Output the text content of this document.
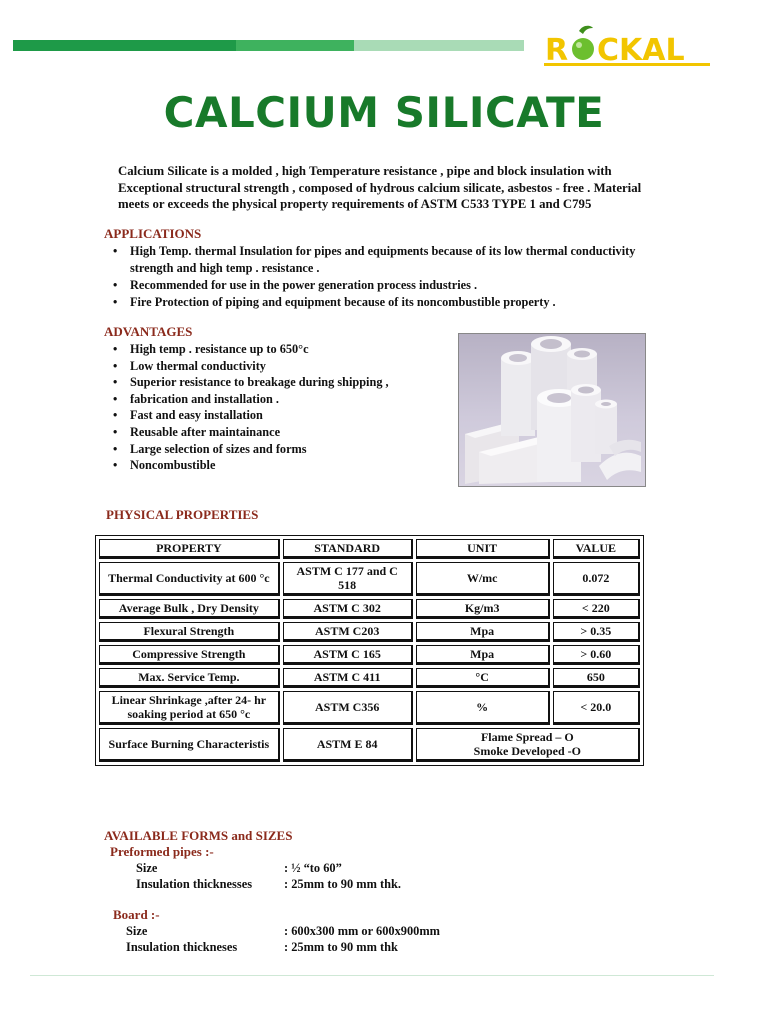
R CKAL
CALCIUM SILICATE
Calcium Silicate is a molded , high Temperature resistance , pipe and block insulation with
Exceptional structural strength , composed of hydrous calcium silicate, asbestos - free . Material
meets or exceeds the physical property requirements of ASTM C533 TYPE 1 and C795
APPLICATIONS
• High Temp. thermal Insulation for pipes and equipments because of its low thermal conductivity
strength and high temp . resistance .
• Recommended for use in the power generation process industries .
• Fire Protection of piping and equipment because of its noncombustible property .
ADVANTAGES
• High temp . resistance up to 650°c
• Low thermal conductivity
• Superior resistance to breakage during shipping ,
• fabrication and installation .
• Fast and easy installation
• Reusable after maintainance
• Large selection of sizes and forms
• Noncombustible
PHYSICAL PROPERTIES
PROPERTY	STANDARD	UNIT	VALUE
Thermal Conductivity at 600 °c	ASTM C 177 and C 518	W/mc	0.072
Average Bulk , Dry Density	ASTM C 302	Kg/m3	< 220
Flexural Strength	ASTM C203	Mpa	> 0.35
Compressive Strength	ASTM C 165	Mpa	> 0.60
Max. Service Temp.	ASTM C 411	°C	650
Linear Shrinkage ,after 24- hr soaking period at 650 °c	ASTM C356	%	< 20.0
Surface Burning Characteristis	ASTM E 84	Flame Spread – O
Smoke Developed -O	
AVAILABLE FORMS and SIZES
Preformed pipes :-
Size	: ½ “to 60”
Insulation thicknesses	: 25mm to 90 mm thk.
Board :-
Size	: 600x300 mm or 600x900mm
Insulation thickneses	: 25mm to 90 mm thk
